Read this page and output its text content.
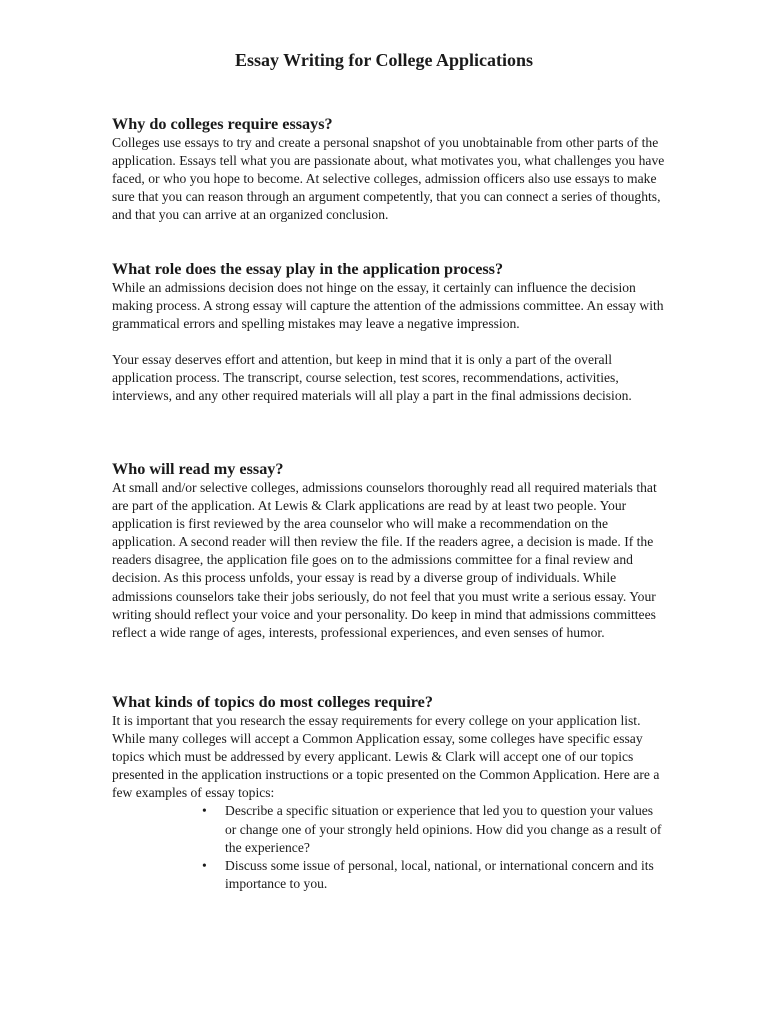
Essay Writing for College Applications
Why do colleges require essays?

Colleges use essays to try and create a personal snapshot of you unobtainable from other parts of the application. Essays tell what you are passionate about, what motivates you, what challenges you have faced, or who you hope to become. At selective colleges, admission officers also use essays to make sure that you can reason through an argument competently, that you can connect a series of thoughts, and that you can arrive at an organized conclusion.

What role does the essay play in the application process?

While an admissions decision does not hinge on the essay, it certainly can influence the decision making process. A strong essay will capture the attention of the admissions committee. An essay with grammatical errors and spelling mistakes may leave a negative impression.

Your essay deserves effort and attention, but keep in mind that it is only a part of the overall application process. The transcript, course selection, test scores, recommendations, activities, interviews, and any other required materials will all play a part in the final admissions decision.

Who will read my essay?

At small and/or selective colleges, admissions counselors thoroughly read all required materials that are part of the application. At Lewis & Clark applications are read by at least two people. Your application is first reviewed by the area counselor who will make a recommendation on the application. A second reader will then review the file. If the readers agree, a decision is made. If the readers disagree, the application file goes on to the admissions committee for a final review and decision. As this process unfolds, your essay is read by a diverse group of individuals. While admissions counselors take their jobs seriously, do not feel that you must write a serious essay. Your writing should reflect your voice and your personality. Do keep in mind that admissions committees reflect a wide range of ages, interests, professional experiences, and even senses of humor.

What kinds of topics do most colleges require?

It is important that you research the essay requirements for every college on your application list. While many colleges will accept a Common Application essay, some colleges have specific essay topics which must be addressed by every applicant. Lewis & Clark will accept one of our topics presented in the application instructions or a topic presented on the Common Application. Here are a few examples of essay topics:

• Describe a specific situation or experience that led you to question your values or change one of your strongly held opinions. How did you change as a result of the experience?
• Discuss some issue of personal, local, national, or international concern and its importance to you.
